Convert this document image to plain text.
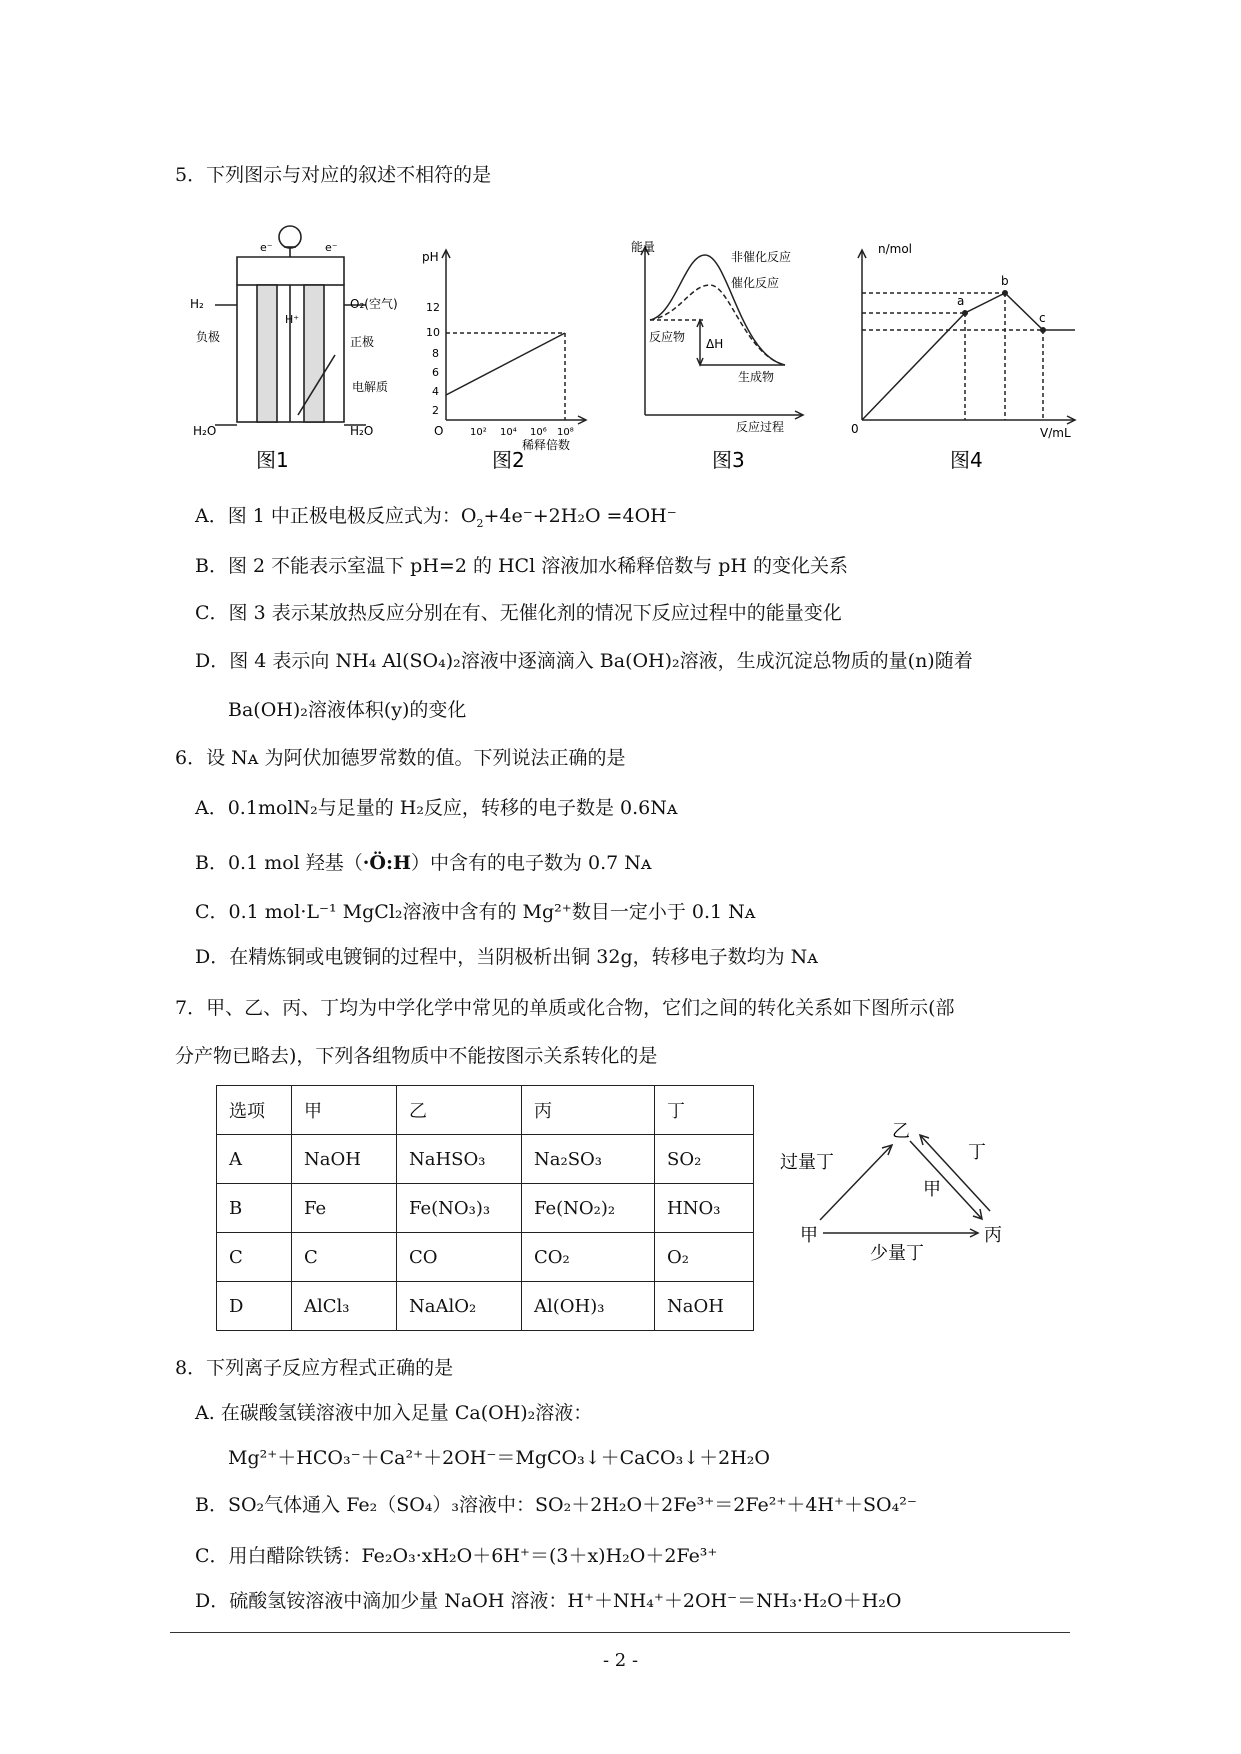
5．下列图示与对应的叙述不相符的是
e⁻	e⁻
H₂	O₂(空气)
H⁺
负极	正极
电解质
H₂O	H₂O
图1
pH
12
10
8
6
4
2
O	10² 10⁴ 10⁶ 10⁸
稀释倍数
图2
能量
非催化反应
催化反应
反应物 ΔH
生成物
反应过程
图3
n/mol
a
b
c
0	V/mL
图4
A．图 1 中正极电极反应式为：$O_2+4e^-+2H_2O =4OH^-$
B．图 2 不能表示室温下 pH=2 的 HCl 溶液加水稀释倍数与 pH 的变化关系
C．图 3 表示某放热反应分别在有、无催化剂的情况下反应过程中的能量变化
D．图 4 表示向 NH₄ Al(SO₄)₂溶液中逐滴滴入 Ba(OH)₂溶液，生成沉淀总物质的量(n)随着
Ba(OH)₂溶液体积(y)的变化
6．设 Nᴀ 为阿伏加德罗常数的值。下列说法正确的是
A．0.1molN₂与足量的 H₂反应，转移的电子数是 0.6Nᴀ
B．0.1 mol 羟基（·Ö:H）中含有的电子数为 0.7 Nᴀ
C．0.1 mol·L⁻¹ MgCl₂溶液中含有的 Mg²⁺数目一定小于 0.1 Nᴀ
D．在精炼铜或电镀铜的过程中，当阴极析出铜 32g，转移电子数均为 Nᴀ
7．甲、乙、丙、丁均为中学化学中常见的单质或化合物，它们之间的转化关系如下图所示(部
分产物已略去)，下列各组物质中不能按图示关系转化的是
选项	甲	乙	丙	丁
A	NaOH	NaHSO₃	Na₂SO₃	SO₂
B	Fe	Fe(NO₃)₃	Fe(NO₂)₂	HNO₃
C	C	CO	CO₂	O₂
D	AlCl₃	NaAlO₂	Al(OH)₃	NaOH
乙
过量丁	丁
甲
甲	丙
少量丁
8．下列离子反应方程式正确的是
A. 在碳酸氢镁溶液中加入足量 Ca(OH)₂溶液：
Mg²⁺＋HCO₃⁻＋Ca²⁺＋2OH⁻＝MgCO₃↓＋CaCO₃↓＋2H₂O
B．SO₂气体通入 Fe₂（SO₄）₃溶液中：SO₂＋2H₂O＋2Fe³⁺＝2Fe²⁺＋4H⁺＋SO₄²⁻
C．用白醋除铁锈：Fe₂O₃·xH₂O＋6H⁺＝(3＋x)H₂O＋2Fe³⁺
D．硫酸氢铵溶液中滴加少量 NaOH 溶液：H⁺＋NH₄⁺＋2OH⁻＝NH₃·H₂O＋H₂O
- 2 -
